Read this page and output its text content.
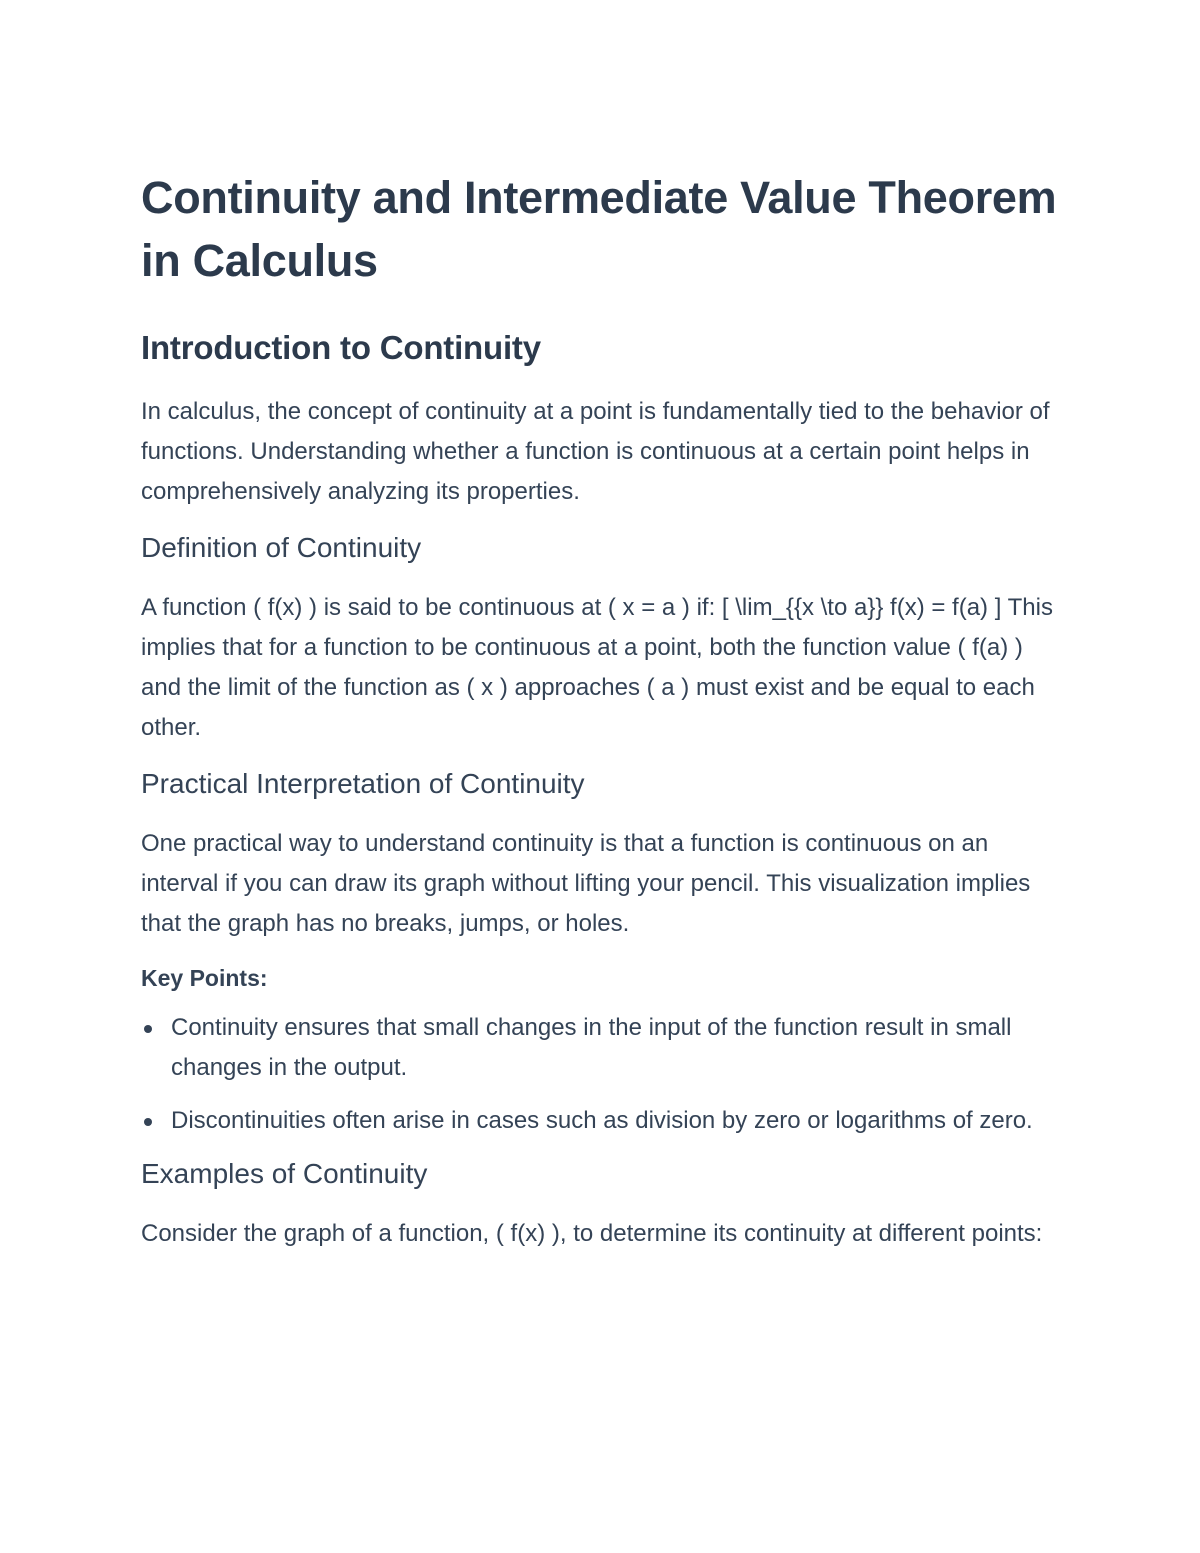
Continuity and Intermediate Value Theorem in Calculus
Introduction to Continuity

In calculus, the concept of continuity at a point is fundamentally tied to the behavior of functions. Understanding whether a function is continuous at a certain point helps in comprehensively analyzing its properties.

Definition of Continuity

A function ( f(x) ) is said to be continuous at ( x = a ) if: [ \lim_{{x \to a}} f(x) = f(a) ] This implies that for a function to be continuous at a point, both the function value ( f(a) ) and the limit of the function as ( x ) approaches ( a ) must exist and be equal to each other.

Practical Interpretation of Continuity

One practical way to understand continuity is that a function is continuous on an interval if you can draw its graph without lifting your pencil. This visualization implies that the graph has no breaks, jumps, or holes.

Key Points:
Continuity ensures that small changes in the input of the function result in small changes in the output.
Discontinuities often arise in cases such as division by zero or logarithms of zero.
Examples of Continuity

Consider the graph of a function, ( f(x) ), to determine its continuity at different points:
